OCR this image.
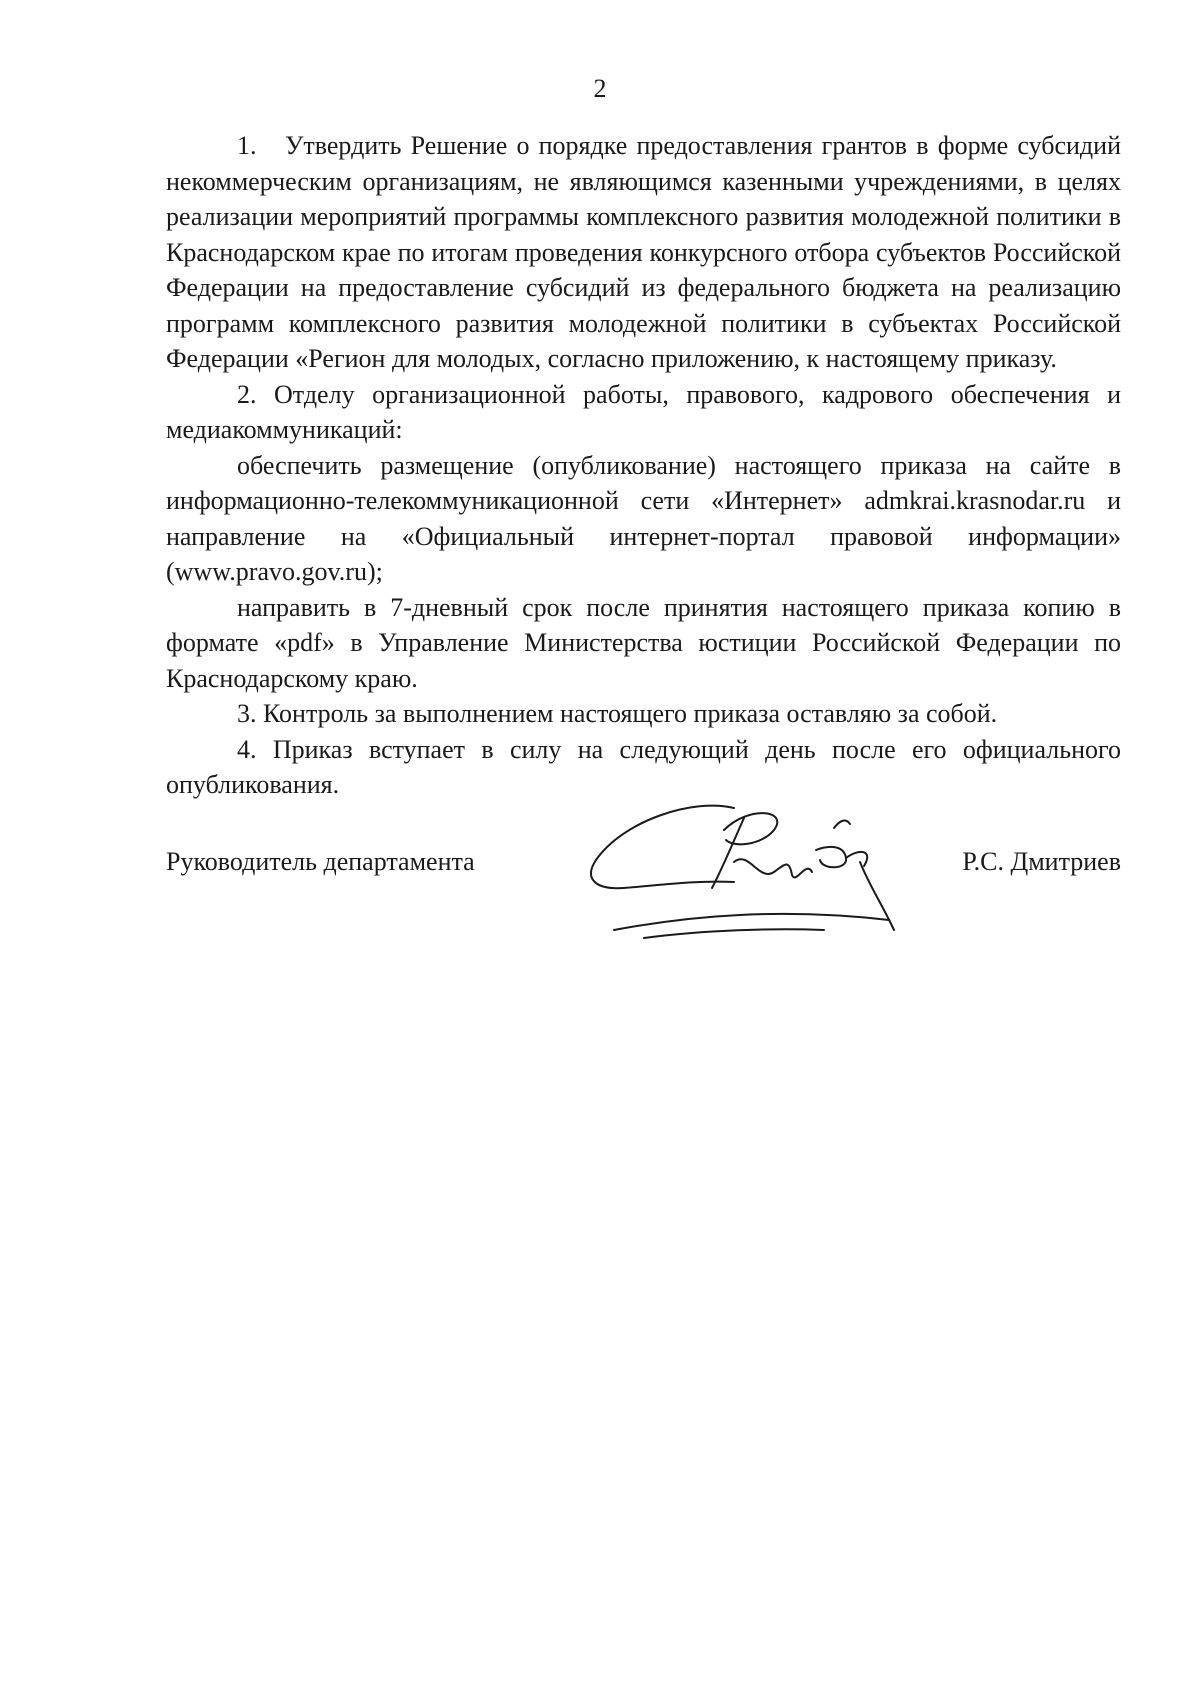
2

1. Утвердить Решение о порядке предоставления грантов в форме субсидий некоммерческим организациям, не являющимся казенными учреждениями, в целях реализации мероприятий программы комплексного развития молодежной политики в Краснодарском крае по итогам проведения конкурсного отбора субъектов Российской Федерации на предоставление субсидий из федерального бюджета на реализацию программ комплексного развития молодежной политики в субъектах Российской Федерации «Регион для молодых, согласно приложению, к настоящему приказу.

2. Отделу организационной работы, правового, кадрового обеспечения и медиакоммуникаций:

обеспечить размещение (опубликование) настоящего приказа на сайте в информационно-телекоммуникационной сети «Интернет» admkrai.krasnodar.ru и направление на «Официальный интернет-портал правовой информации» (www.pravo.gov.ru);

направить в 7-дневный срок после принятия настоящего приказа копию в формате «pdf» в Управление Министерства юстиции Российской Федерации по Краснодарскому краю.

3. Контроль за выполнением настоящего приказа оставляю за собой.

4. Приказ вступает в силу на следующий день после его официального опубликования.

Руководитель департамента	Р.С. Дмитриев
